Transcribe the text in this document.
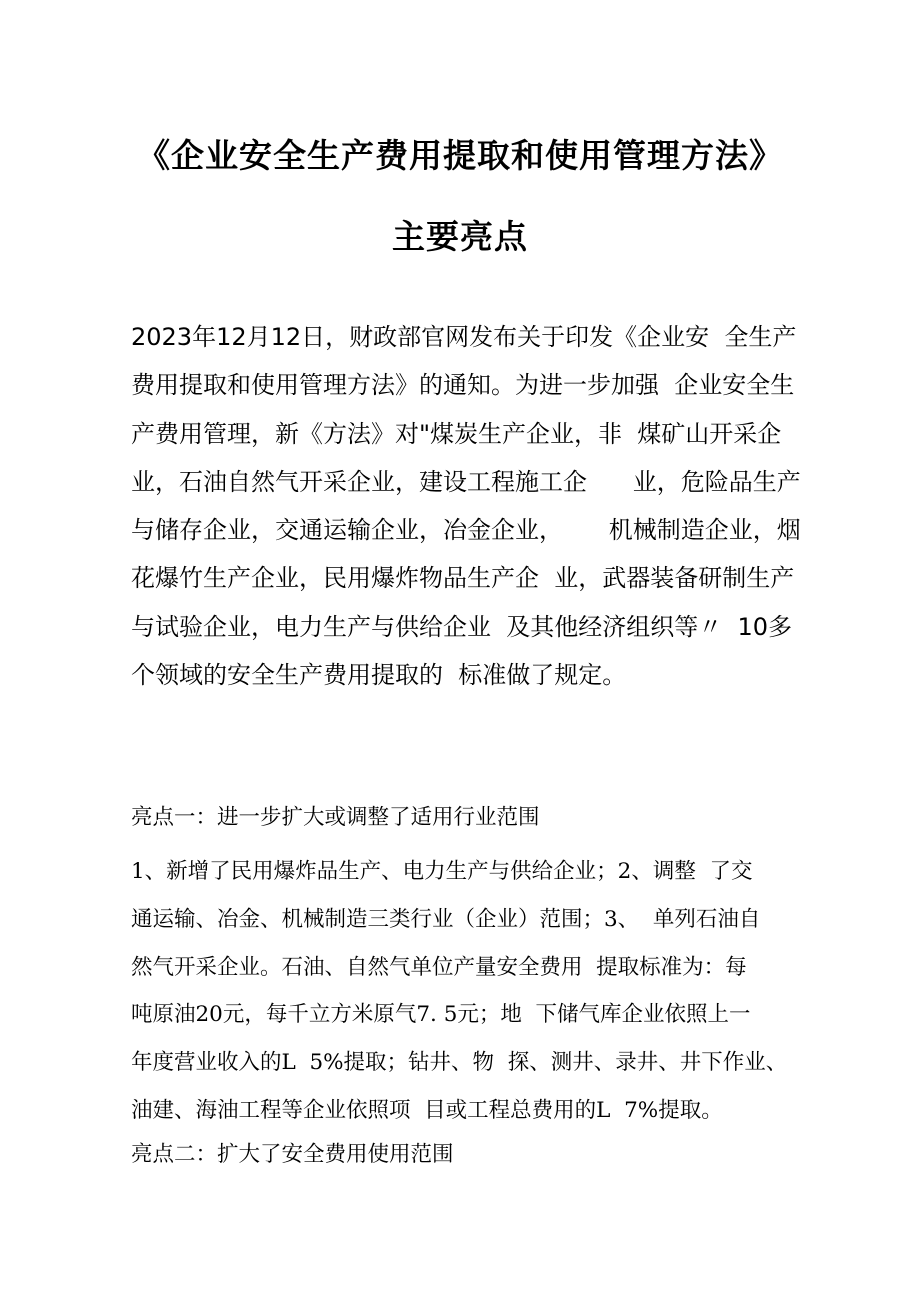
《企业安全生产费用提取和使用管理方法》
主要亮点
2023年12月12日，财政部官网发布关于印发《企业安  全生产
费用提取和使用管理方法》的通知。为进一步加强  企业安全生
产费用管理，新《方法》对"煤炭生产企业，非  煤矿山开采企
业，石油自然气开采企业，建设工程施工企      业，危险品生产
与储存企业，交通运输企业，冶金企业，      机械制造企业，烟
花爆竹生产企业，民用爆炸物品生产企  业，武器装备研制生产
与试验企业，电力生产与供给企业  及其他经济组织等〃  10多
个领域的安全生产费用提取的  标准做了规定。
亮点一：进一步扩大或调整了适用行业范围
1、新增了民用爆炸品生产、电力生产与供给企业；2、调整  了交
通运输、冶金、机械制造三类行业（企业）范围；3、  单列石油自
然气开采企业。石油、自然气单位产量安全费用  提取标准为：每
吨原油20元，每千立方米原气7. 5元；地  下储气库企业依照上一
年度营业收入的L  5%提取；钻井、物  探、测井、录井、井下作业、
油建、海油工程等企业依照项  目或工程总费用的L  7%提取。
亮点二：扩大了安全费用使用范围
